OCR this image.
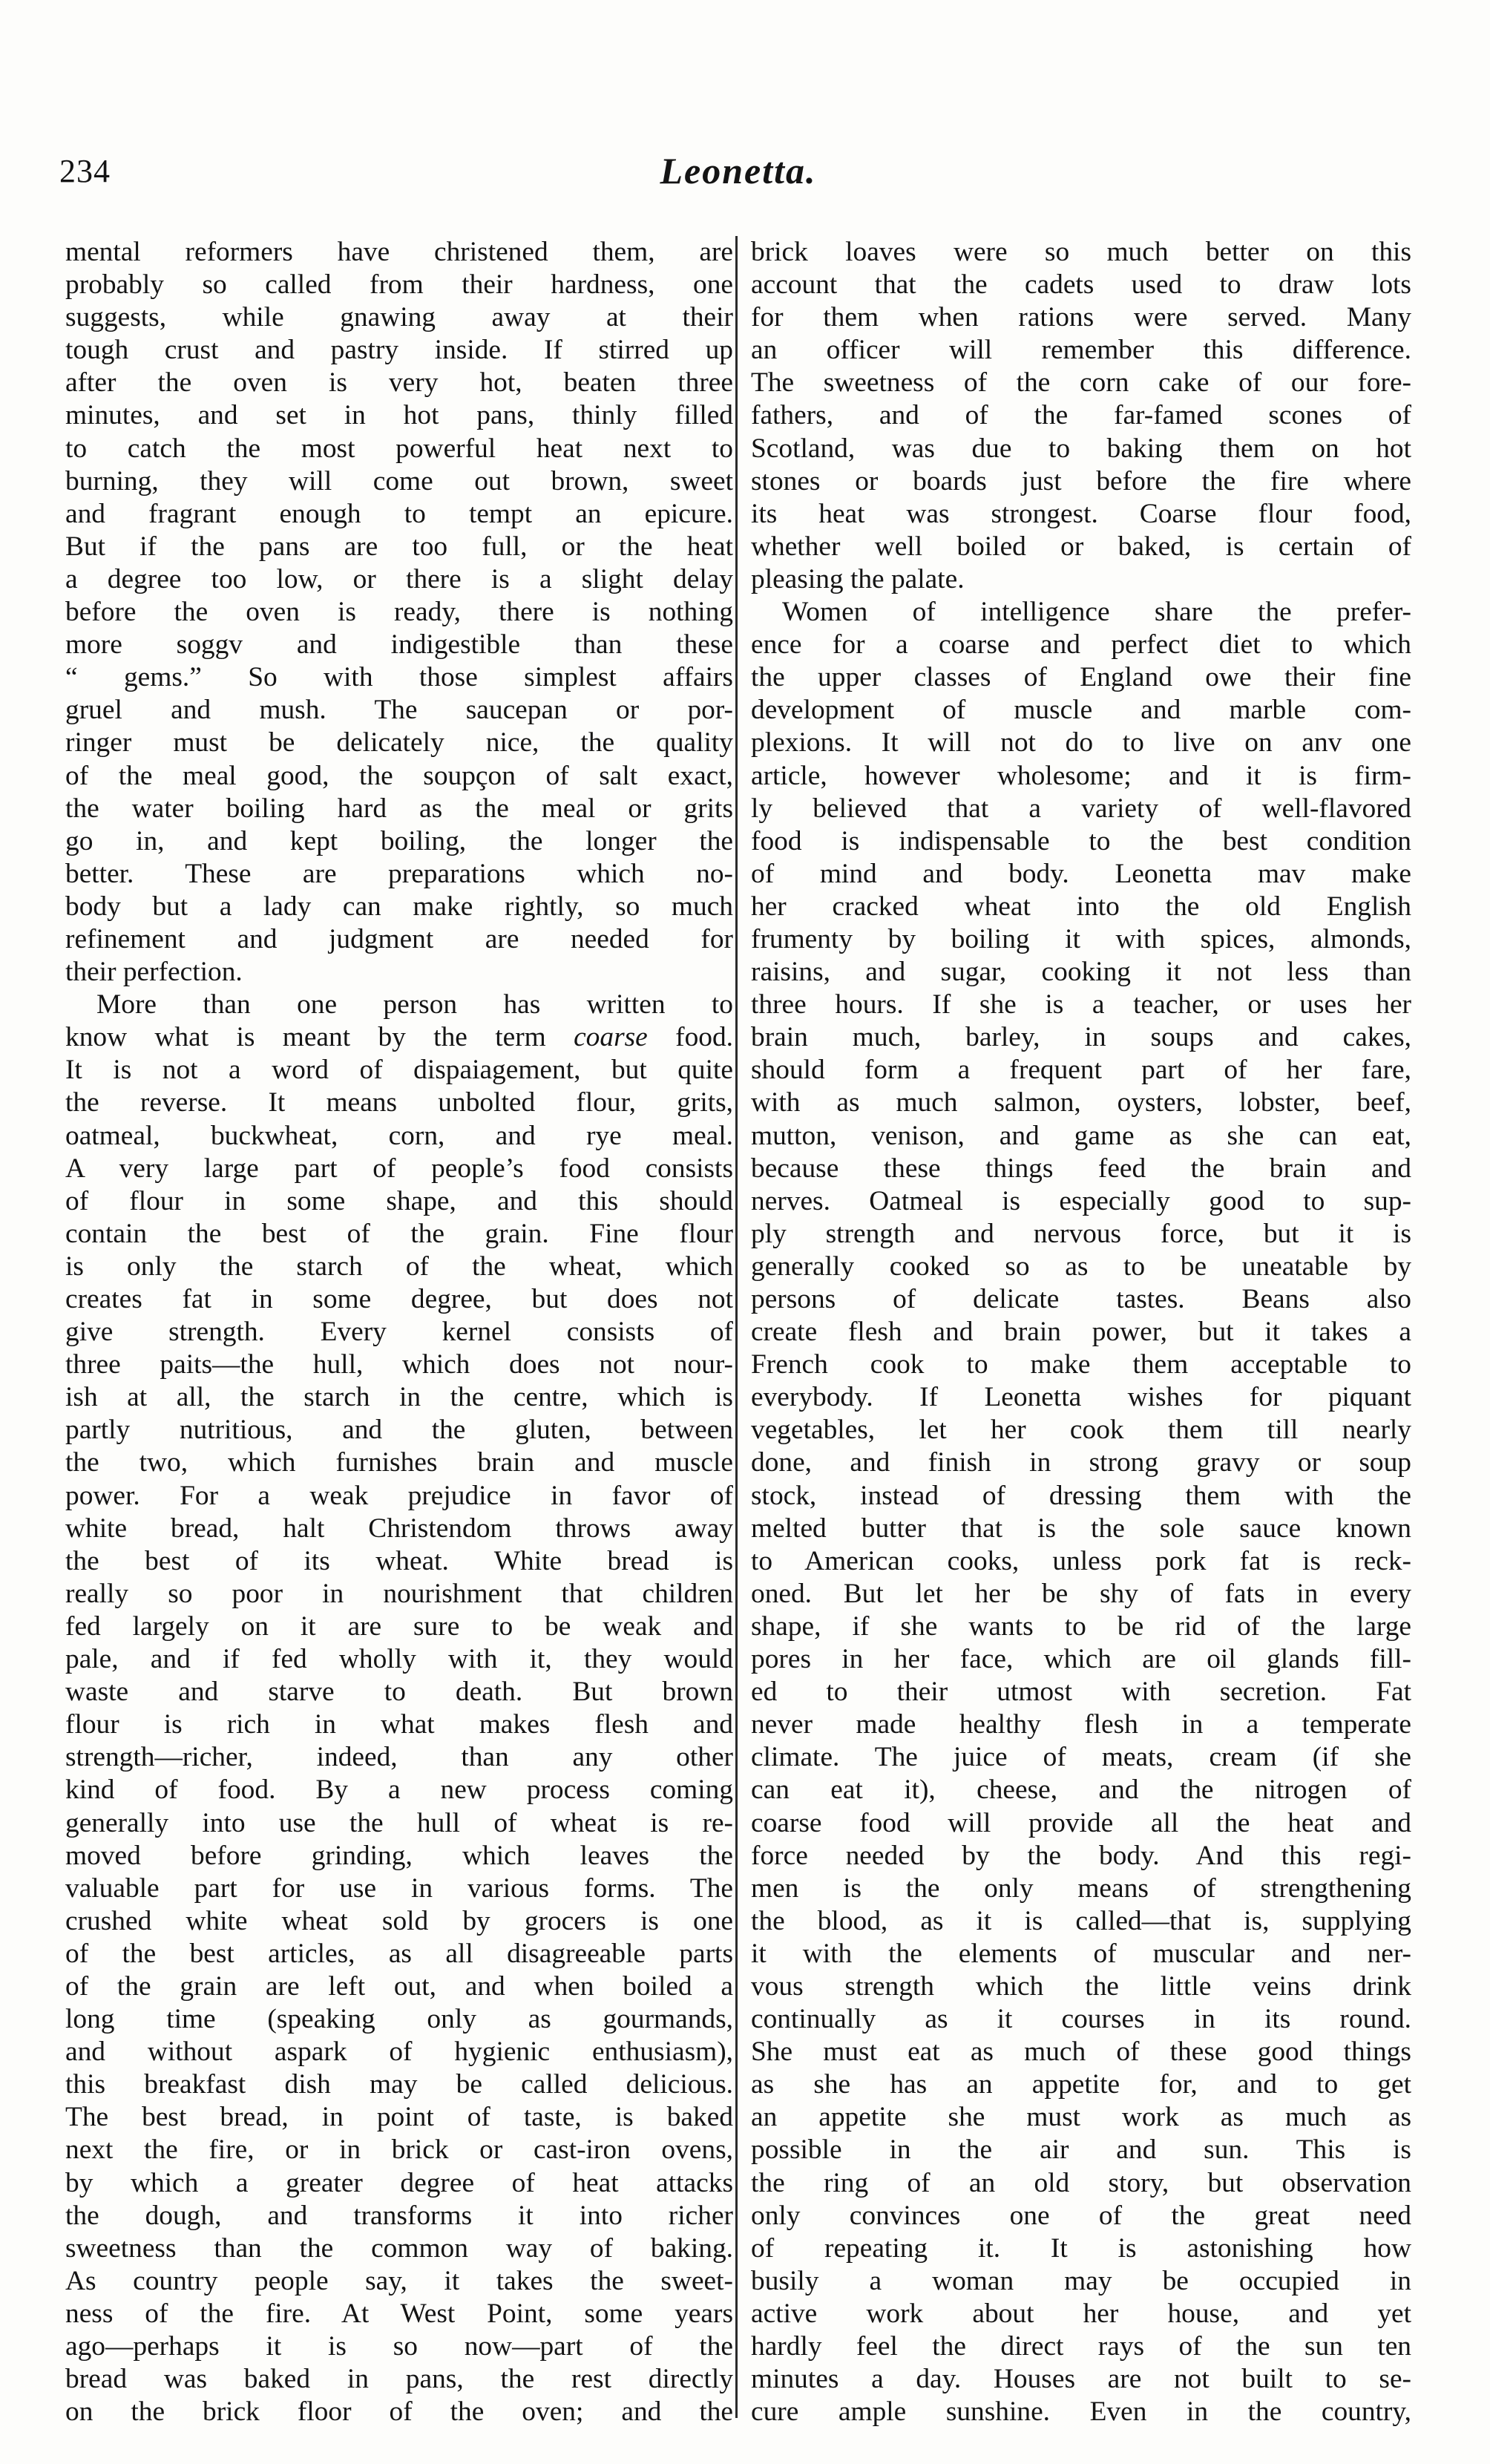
234	Leonetta.
mental reformers have christened them, are
probably so called from their hardness, one
suggests, while gnawing away at their
tough crust and pastry inside. If stirred up
after the oven is very hot, beaten three
minutes, and set in hot pans, thinly filled
to catch the most powerful heat next to
burning, they will come out brown, sweet
and fragrant enough to tempt an epicure.
But if the pans are too full, or the heat
a degree too low, or there is a slight delay
before the oven is ready, there is nothing
more soggv and indigestible than these
“ gems.” So with those simplest affairs
gruel and mush. The saucepan or por-
ringer must be delicately nice, the quality
of the meal good, the soupçon of salt exact,
the water boiling hard as the meal or grits
go in, and kept boiling, the longer the
better. These are preparations which no-
body but a lady can make rightly, so much
refinement and judgment are needed for
their perfection.
More than one person has written to
know what is meant by the term coarse food.
It is not a word of dispaiagement, but quite
the reverse. It means unbolted flour, grits,
oatmeal, buckwheat, corn, and rye meal.
A very large part of people’s food consists
of flour in some shape, and this should
contain the best of the grain. Fine flour
is only the starch of the wheat, which
creates fat in some degree, but does not
give strength. Every kernel consists of
three paits—the hull, which does not nour-
ish at all, the starch in the centre, which is
partly nutritious, and the gluten, between
the two, which furnishes brain and muscle
power. For a weak prejudice in favor of
white bread, halt Christendom throws away
the best of its wheat. White bread is
really so poor in nourishment that children
fed largely on it are sure to be weak and
pale, and if fed wholly with it, they would
waste and starve to death. But brown
flour is rich in what makes flesh and
strength—richer, indeed, than any other
kind of food. By a new process coming
generally into use the hull of wheat is re-
moved before grinding, which leaves the
valuable part for use in various forms. The
crushed white wheat sold by grocers is one
of the best articles, as all disagreeable parts
of the grain are left out, and when boiled a
long time (speaking only as gourmands,
and without aspark of hygienic enthusiasm),
this breakfast dish may be called delicious.
The best bread, in point of taste, is baked
next the fire, or in brick or cast-iron ovens,
by which a greater degree of heat attacks
the dough, and transforms it into richer
sweetness than the common way of baking.
As country people say, it takes the sweet-
ness of the fire. At West Point, some years
ago—perhaps it is so now—part of the
bread was baked in pans, the rest directly
on the brick floor of the oven; and the
brick loaves were so much better on this
account that the cadets used to draw lots
for them when rations were served. Many
an officer will remember this difference.
The sweetness of the corn cake of our fore-
fathers, and of the far-famed scones of
Scotland, was due to baking them on hot
stones or boards just before the fire where
its heat was strongest. Coarse flour food,
whether well boiled or baked, is certain of
pleasing the palate.
Women of intelligence share the prefer-
ence for a coarse and perfect diet to which
the upper classes of England owe their fine
development of muscle and marble com-
plexions. It will not do to live on anv one
article, however wholesome; and it is firm-
ly believed that a variety of well-flavored
food is indispensable to the best condition
of mind and body. Leonetta mav make
her cracked wheat into the old English
frumenty by boiling it with spices, almonds,
raisins, and sugar, cooking it not less than
three hours. If she is a teacher, or uses her
brain much, barley, in soups and cakes,
should form a frequent part of her fare,
with as much salmon, oysters, lobster, beef,
mutton, venison, and game as she can eat,
because these things feed the brain and
nerves. Oatmeal is especially good to sup-
ply strength and nervous force, but it is
generally cooked so as to be uneatable by
persons of delicate tastes. Beans also
create flesh and brain power, but it takes a
French cook to make them acceptable to
everybody. If Leonetta wishes for piquant
vegetables, let her cook them till nearly
done, and finish in strong gravy or soup
stock, instead of dressing them with the
melted butter that is the sole sauce known
to American cooks, unless pork fat is reck-
oned. But let her be shy of fats in every
shape, if she wants to be rid of the large
pores in her face, which are oil glands fill-
ed to their utmost with secretion. Fat
never made healthy flesh in a temperate
climate. The juice of meats, cream (if she
can eat it), cheese, and the nitrogen of
coarse food will provide all the heat and
force needed by the body. And this regi-
men is the only means of strengthening
the blood, as it is called—that is, supplying
it with the elements of muscular and ner-
vous strength which the little veins drink
continually as it courses in its round.
She must eat as much of these good things
as she has an appetite for, and to get
an appetite she must work as much as
possible in the air and sun. This is
the ring of an old story, but observation
only convinces one of the great need
of repeating it. It is astonishing how
busily a woman may be occupied in
active work about her house, and yet
hardly feel the direct rays of the sun ten
minutes a day. Houses are not built to se-
cure ample sunshine. Even in the country,
